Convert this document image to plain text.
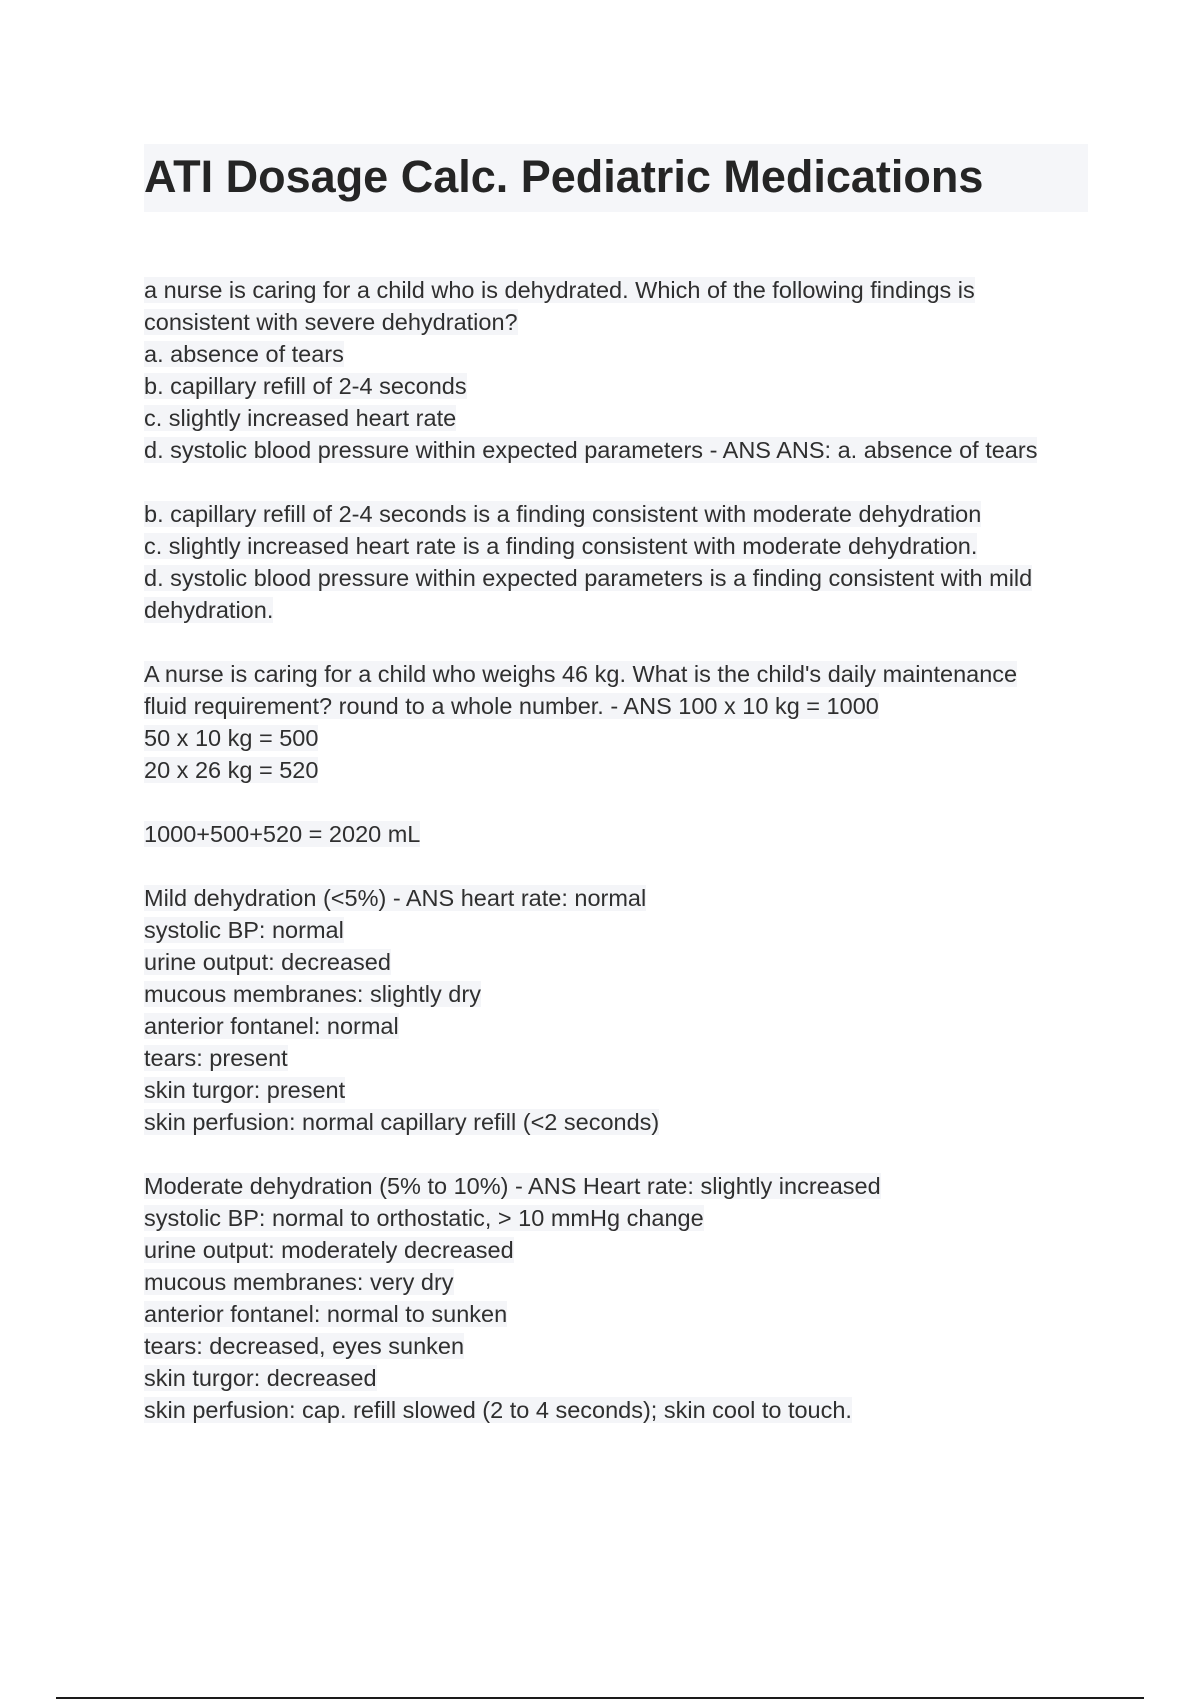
ATI Dosage Calc. Pediatric Medications
a nurse is caring for a child who is dehydrated. Which of the following findings is
consistent with severe dehydration?
a. absence of tears
b. capillary refill of 2-4 seconds
c. slightly increased heart rate
d. systolic blood pressure within expected parameters - ANS ANS: a. absence of tears
b. capillary refill of 2-4 seconds is a finding consistent with moderate dehydration
c. slightly increased heart rate is a finding consistent with moderate dehydration.
d. systolic blood pressure within expected parameters is a finding consistent with mild
dehydration.
A nurse is caring for a child who weighs 46 kg. What is the child's daily maintenance
fluid requirement? round to a whole number. - ANS 100 x 10 kg = 1000
50 x 10 kg = 500
20 x 26 kg = 520
1000+500+520 = 2020 mL
Mild dehydration (<5%) - ANS heart rate: normal
systolic BP: normal
urine output: decreased
mucous membranes: slightly dry
anterior fontanel: normal
tears: present
skin turgor: present
skin perfusion: normal capillary refill (<2 seconds)
Moderate dehydration (5% to 10%) - ANS Heart rate: slightly increased
systolic BP: normal to orthostatic, > 10 mmHg change
urine output: moderately decreased
mucous membranes: very dry
anterior fontanel: normal to sunken
tears: decreased, eyes sunken
skin turgor: decreased
skin perfusion: cap. refill slowed (2 to 4 seconds); skin cool to touch.
